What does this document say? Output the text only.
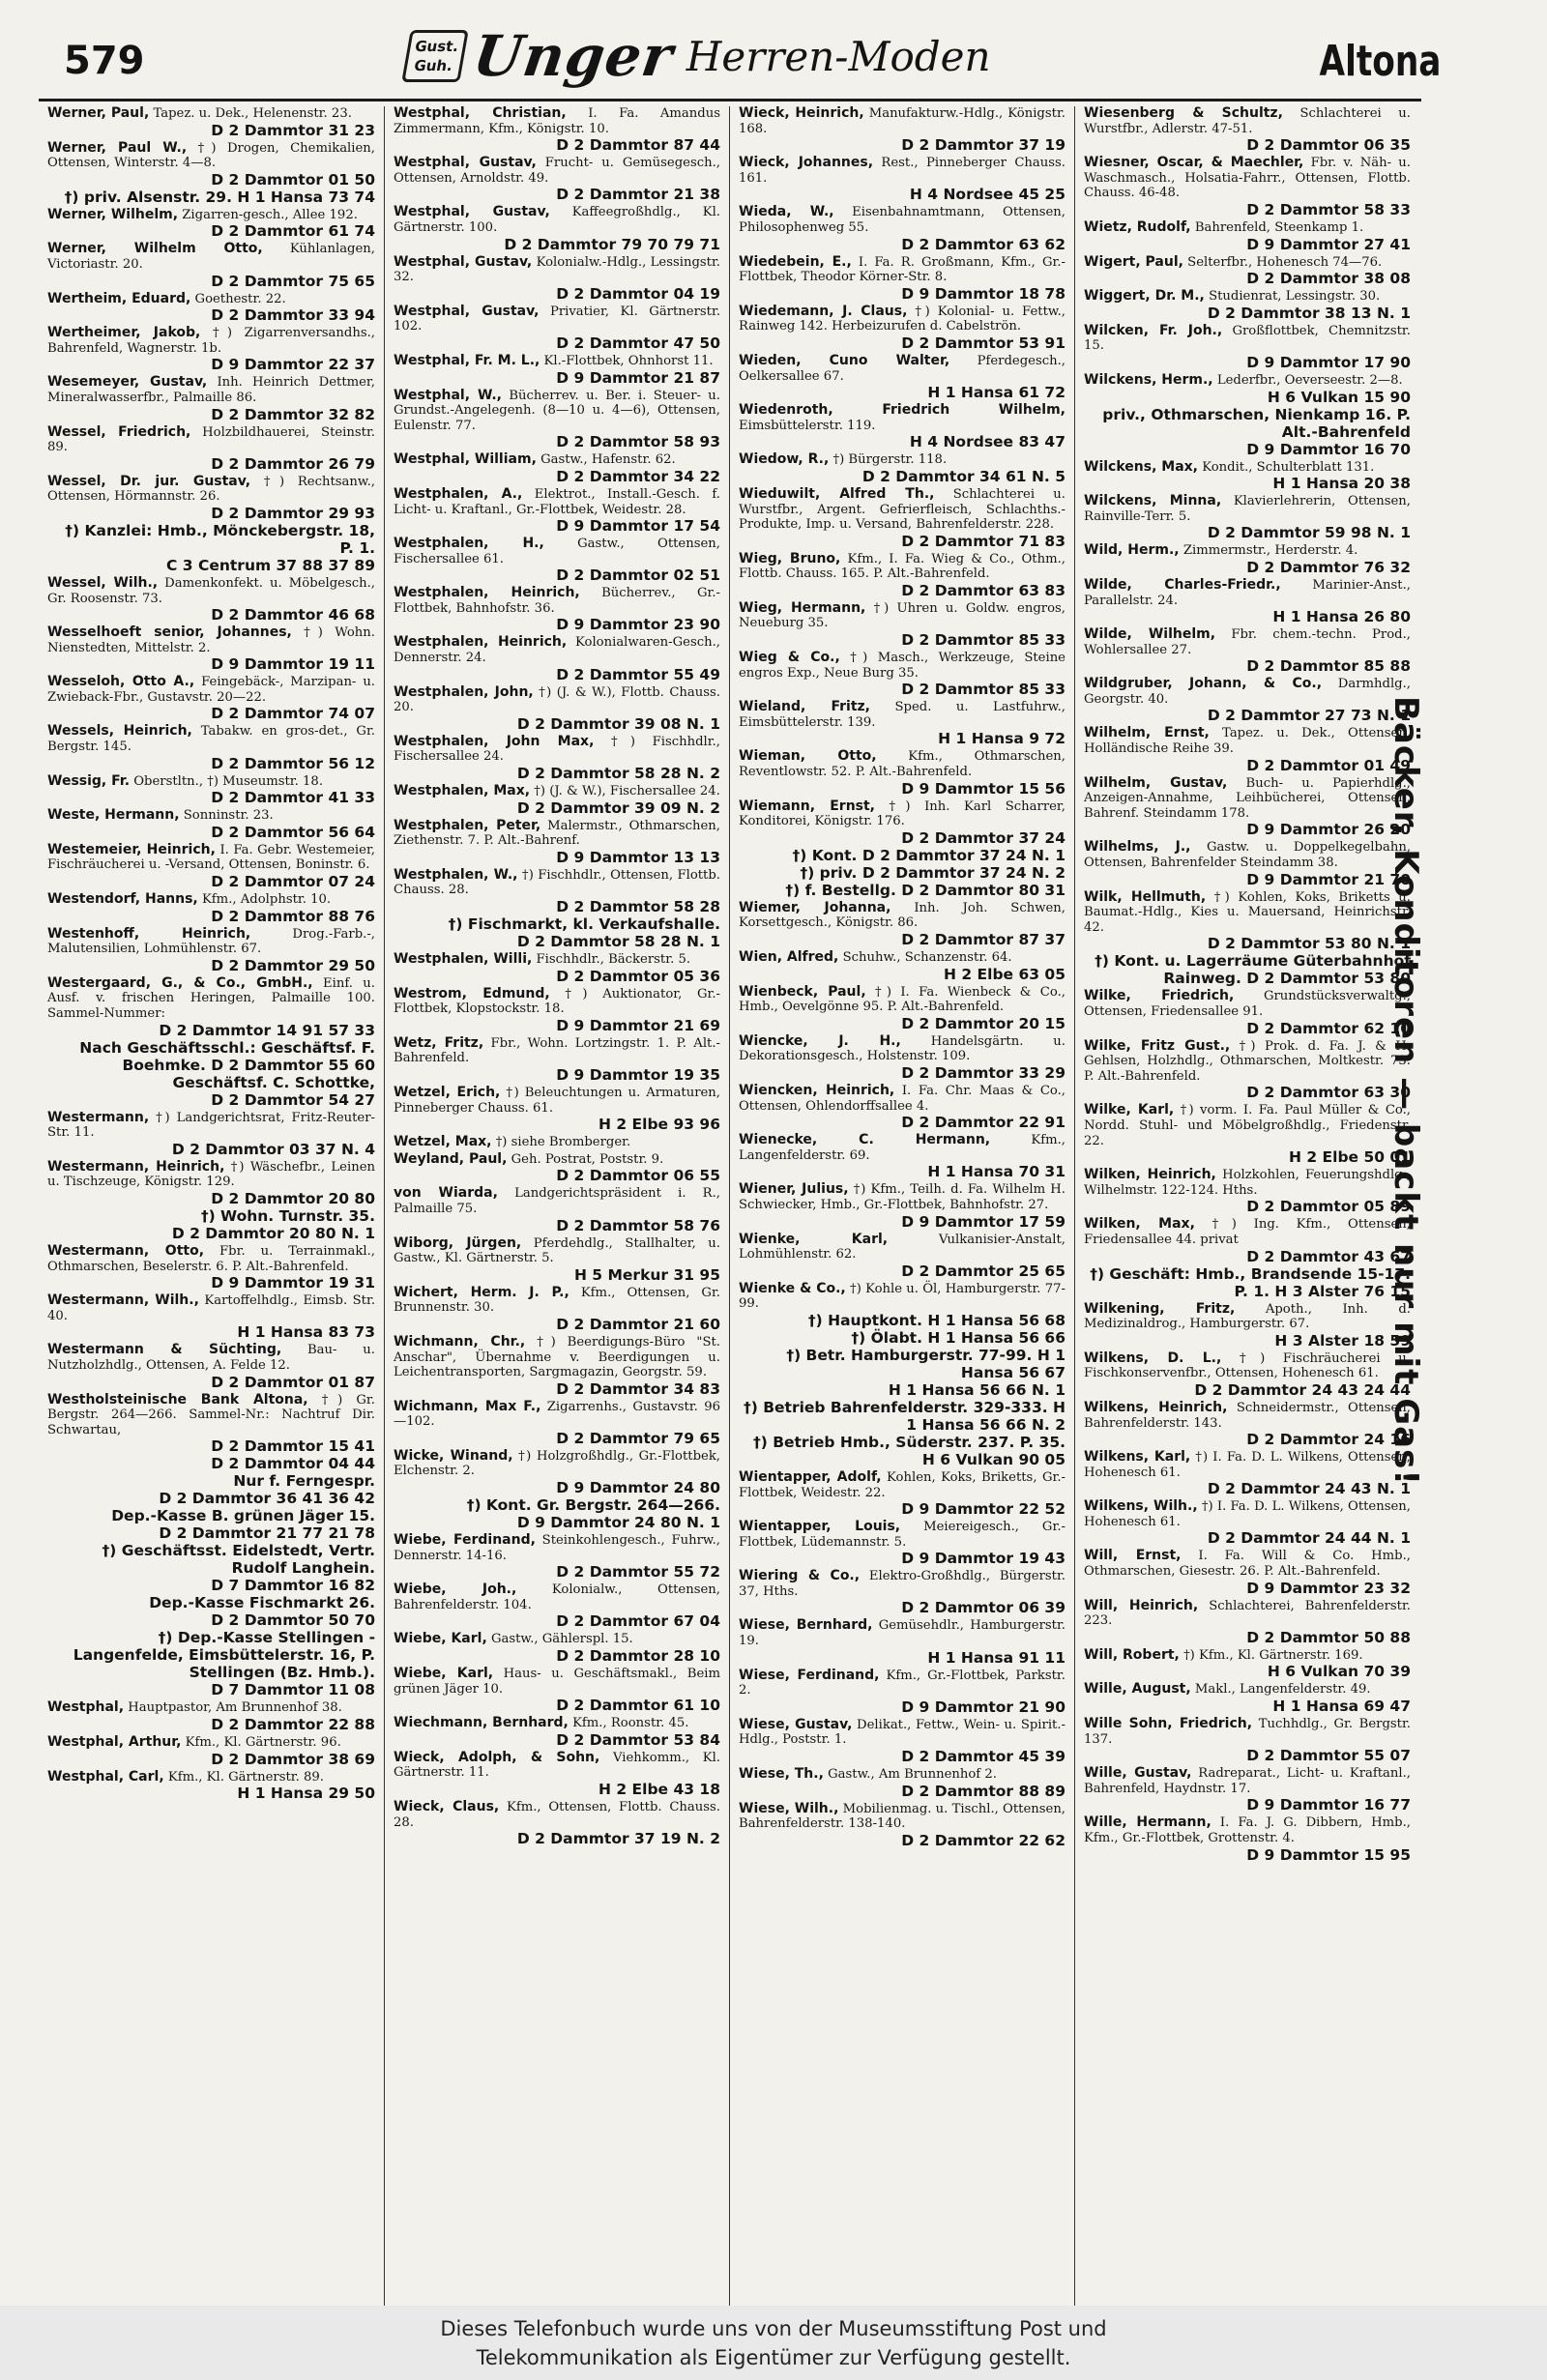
579	Gust.
Guh. Unger Herren-Moden	Altona

Werner, Paul, Tapez. u. Dek., Helenenstr. 23.

D 2 Dammtor 31 23

Werner, Paul W., †) Drogen, Chemikalien, Ottensen, Winterstr. 4—8.

D 2 Dammtor 01 50

†) priv. Alsenstr. 29. H 1 Hansa 73 74

Werner, Wilhelm, Zigarren-gesch., Allee 192.

D 2 Dammtor 61 74

Werner, Wilhelm Otto, Kühlanlagen, Victoriastr. 20.

D 2 Dammtor 75 65

Wertheim, Eduard, Goethestr. 22.

D 2 Dammtor 33 94

Wertheimer, Jakob, †) Zigarrenversandhs., Bahrenfeld, Wagnerstr. 1b.

D 9 Dammtor 22 37

Wesemeyer, Gustav, Inh. Heinrich Dettmer, Mineralwasserfbr., Palmaille 86.

D 2 Dammtor 32 82

Wessel, Friedrich, Holzbildhauerei, Steinstr. 89.

D 2 Dammtor 26 79

Wessel, Dr. jur. Gustav, †) Rechtsanw., Ottensen, Hörmannstr. 26.

D 2 Dammtor 29 93

†) Kanzlei: Hmb., Mönckebergstr. 18, P. 1.

C 3 Centrum 37 88 37 89

Wessel, Wilh., Damenkonfekt. u. Möbelgesch., Gr. Roosenstr. 73.

D 2 Dammtor 46 68

Wesselhoeft senior, Johannes, †) Wohn. Nienstedten, Mittelstr. 2.

D 9 Dammtor 19 11

Wesseloh, Otto A., Feingebäck-, Marzipan- u. Zwieback-Fbr., Gustavstr. 20—22.

D 2 Dammtor 74 07

Wessels, Heinrich, Tabakw. en gros-det., Gr. Bergstr. 145.

D 2 Dammtor 56 12

Wessig, Fr. Oberstltn., †) Museumstr. 18.

D 2 Dammtor 41 33

Weste, Hermann, Sonninstr. 23.

D 2 Dammtor 56 64

Westemeier, Heinrich, I. Fa. Gebr. Westemeier, Fischräucherei u. -Versand, Ottensen, Boninstr. 6.

D 2 Dammtor 07 24

Westendorf, Hanns, Kfm., Adolphstr. 10.

D 2 Dammtor 88 76

Westenhoff, Heinrich,	Drog.-Farb.-, Malutensilien, Lohmühlenstr. 67.

D 2 Dammtor 29 50

Westergaard, G., & Co., GmbH., Einf. u. Ausf. v. frischen Heringen, Palmaille 100. Sammel-Nummer:

D 2 Dammtor 14 91 57 33

Nach Geschäftsschl.: Geschäftsf. F. Boehmke. D 2 Dammtor 55 60

Geschäftsf. C. Schottke,

D 2 Dammtor 54 27

Westermann, †) Landgerichtsrat, Fritz-Reuter-Str. 11.

D 2 Dammtor 03 37 N. 4

Westermann, Heinrich, †) Wäschefbr., Leinen u. Tischzeuge, Königstr. 129.

D 2 Dammtor 20 80

†) Wohn. Turnstr. 35.

D 2 Dammtor 20 80 N. 1

Westermann, Otto, Fbr. u. Terrainmakl., Othmarschen, Beselerstr. 6. P. Alt.-Bahrenfeld.

D 9 Dammtor 19 31

Westermann, Wilh., Kartoffelhdlg., Eimsb. Str. 40.

H 1 Hansa 83 73

Westermann & Süchting, Bau- u. Nutzholzhdlg., Ottensen, A. Felde 12.

D 2 Dammtor 01 87

Westholsteinische Bank Altona, †) Gr. Bergstr. 264—266. Sammel-Nr.: Nachtruf Dir. Schwartau,

D 2 Dammtor 15 41

D 2 Dammtor 04 44

Nur f. Ferngespr.

D 2 Dammtor 36 41 36 42

Dep.-Kasse B. grünen Jäger 15.

D 2 Dammtor 21 77 21 78

†) Geschäftsst. Eidelstedt, Vertr. Rudolf Langhein.

D 7 Dammtor 16 82

Dep.-Kasse Fischmarkt 26.

D 2 Dammtor 50 70

†) Dep.-Kasse Stellingen - Langenfelde, Eimsbüttelerstr. 16, P. Stellingen (Bz. Hmb.).

D 7 Dammtor 11 08

Westphal, Hauptpastor, Am Brunnenhof 38.

D 2 Dammtor 22 88

Westphal, Arthur, Kfm., Kl. Gärtnerstr. 96.

D 2 Dammtor 38 69

Westphal, Carl, Kfm., Kl. Gärtnerstr. 89.

H 1 Hansa 29 50

Westphal, Christian, I. Fa. Amandus Zimmermann, Kfm., Königstr. 10.

D 2 Dammtor 87 44

Westphal, Gustav, Frucht- u. Gemüsegesch., Ottensen, Arnoldstr. 49.

D 2 Dammtor 21 38

Westphal, Gustav, Kaffeegroßhdlg., Kl. Gärtnerstr. 100.

D 2 Dammtor 79 70 79 71

Westphal, Gustav, Kolonialw.-Hdlg., Lessingstr. 32.

D 2 Dammtor 04 19

Westphal, Gustav, Privatier, Kl. Gärtnerstr. 102.

D 2 Dammtor 47 50

Westphal, Fr. M. L., Kl.-Flottbek, Ohnhorst 11.

D 9 Dammtor 21 87

Westphal, W., Bücherrev. u. Ber. i. Steuer- u. Grundst.-Angelegenh. (8—10 u. 4—6), Ottensen, Eulenstr. 77.

D 2 Dammtor 58 93

Westphal, William, Gastw., Hafenstr. 62.

D 2 Dammtor 34 22

Westphalen, A., Elektrot., Install.-Gesch. f. Licht- u. Kraftanl., Gr.-Flottbek, Weidestr. 28.

D 9 Dammtor 17 54

Westphalen, H.,	Gastw., Ottensen, Fischersallee 61.

D 2 Dammtor 02 51

Westphalen, Heinrich, Bücherrev., Gr.-Flottbek, Bahnhofstr. 36.

D 9 Dammtor 23 90

Westphalen, Heinrich, Kolonialwaren-Gesch., Dennerstr. 24.

D 2 Dammtor 55 49

Westphalen, John, †) (J. & W.), Flottb. Chauss. 20.

D 2 Dammtor 39 08 N. 1

Westphalen, John Max, †) Fischhdlr., Fischersallee 24.

D 2 Dammtor 58 28 N. 2

Westphalen, Max, †) (J. & W.), Fischersallee 24.

D 2 Dammtor 39 09 N. 2

Westphalen, Peter, Malermstr., Othmarschen, Ziethenstr. 7. P. Alt.-Bahrenf.

D 9 Dammtor 13 13

Westphalen, W., †) Fischhdlr., Ottensen, Flottb. Chauss. 28.

D 2 Dammtor 58 28

†) Fischmarkt, kl. Verkaufshalle.

D 2 Dammtor 58 28 N. 1

Westphalen, Willi, Fischhdlr., Bäckerstr. 5.

D 2 Dammtor 05 36

Westrom, Edmund, †) Auktionator, Gr.-Flottbek, Klopstockstr. 18.

D 9 Dammtor 21 69

Wetz, Fritz, Fbr., Wohn. Lortzingstr. 1. P. Alt.-Bahrenfeld.

D 9 Dammtor 19 35

Wetzel, Erich, †) Beleuchtungen u. Armaturen, Pinneberger Chauss. 61.

H 2 Elbe 93 96

Wetzel, Max, †) siehe Bromberger.

Weyland, Paul, Geh. Postrat, Poststr. 9.

D 2 Dammtor 06 55

von Wiarda, Landgerichtspräsident i. R., Palmaille 75.

D 2 Dammtor 58 76

Wiborg, Jürgen, Pferdehdlg., Stallhalter, u. Gastw., Kl. Gärtnerstr. 5.

H 5 Merkur 31 95

Wichert, Herm. J. P., Kfm., Ottensen, Gr. Brunnenstr. 30.

D 2 Dammtor 21 60

Wichmann, Chr., †) Beerdigungs-Büro "St. Anschar", Übernahme v. Beerdigungen u. Leichentransporten, Sargmagazin, Georgstr. 59.

D 2 Dammtor 34 83

Wichmann, Max F., Zigarrenhs., Gustavstr. 96—102.

D 2 Dammtor 79 65

Wicke, Winand, †) Holzgroßhdlg., Gr.-Flottbek, Elchenstr. 2.

D 9 Dammtor 24 80

†) Kont. Gr. Bergstr. 264—266.

D 9 Dammtor 24 80 N. 1

Wiebe, Ferdinand, Steinkohlengesch., Fuhrw., Dennerstr. 14-16.

D 2 Dammtor 55 72

Wiebe, Joh.,	Kolonialw., Ottensen, Bahrenfelderstr. 104.

D 2 Dammtor 67 04

Wiebe, Karl, Gastw., Gählerspl. 15.

D 2 Dammtor 28 10

Wiebe, Karl, Haus- u. Geschäftsmakl., Beim grünen Jäger 10.

D 2 Dammtor 61 10

Wiechmann, Bernhard, Kfm., Roonstr. 45.

D 2 Dammtor 53 84

Wieck, Adolph, & Sohn, Viehkomm., Kl. Gärtnerstr. 11.

H 2 Elbe 43 18

Wieck, Claus, Kfm., Ottensen, Flottb. Chauss. 28.

D 2 Dammtor 37 19 N. 2

Wieck, Heinrich, Manufakturw.-Hdlg., Königstr. 168.

D 2 Dammtor 37 19

Wieck, Johannes, Rest., Pinneberger Chauss. 161.

H 4 Nordsee 45 25

Wieda, W., Eisenbahnamtmann, Ottensen, Philosophenweg 55.

D 2 Dammtor 63 62

Wiedebein, E., I. Fa. R. Großmann, Kfm., Gr.-Flottbek, Theodor Körner-Str. 8.

D 9 Dammtor 18 78

Wiedemann, J. Claus, †) Kolonial- u. Fettw., Rainweg 142. Herbeizurufen d. Cabelströn.

D 2 Dammtor 53 91

Wieden, Cuno Walter, Pferdegesch., Oelkersallee 67.

H 1 Hansa 61 72

Wiedenroth, Friedrich Wilhelm, Eimsbüttelerstr. 119.

H 4 Nordsee 83 47

Wiedow, R., †) Bürgerstr. 118.

D 2 Dammtor 34 61 N. 5

Wieduwilt, Alfred Th., Schlachterei u. Wurstfbr., Argent. Gefrierfleisch, Schlachths.-Produkte, Imp. u. Versand, Bahrenfelderstr. 228.

D 2 Dammtor 71 83

Wieg, Bruno, Kfm., I. Fa. Wieg & Co., Othm., Flottb. Chauss. 165. P. Alt.-Bahrenfeld.

D 2 Dammtor 63 83

Wieg, Hermann, †) Uhren u. Goldw. engros, Neueburg 35.

D 2 Dammtor 85 33

Wieg & Co., †) Masch., Werkzeuge, Steine engros Exp., Neue Burg 35.

D 2 Dammtor 85 33

Wieland, Fritz, Sped. u. Lastfuhrw., Eimsbüttelerstr. 139.

H 1 Hansa 9 72

Wieman, Otto, Kfm., Othmarschen, Reventlowstr. 52. P. Alt.-Bahrenfeld.

D 9 Dammtor 15 56

Wiemann, Ernst, †) Inh. Karl Scharrer, Konditorei, Königstr. 176.

D 2 Dammtor 37 24

†) Kont. D 2 Dammtor 37 24 N. 1

†) priv. D 2 Dammtor 37 24 N. 2

†) f. Bestellg. D 2 Dammtor 80 31

Wiemer, Johanna, Inh. Joh. Schwen, Korsettgesch., Königstr. 86.

D 2 Dammtor 87 37

Wien, Alfred, Schuhw., Schanzenstr. 64.

H 2 Elbe 63 05

Wienbeck, Paul, †) I. Fa. Wienbeck & Co., Hmb., Oevelgönne 95. P. Alt.-Bahrenfeld.

D 2 Dammtor 20 15

Wiencke, J. H., Handelsgärtn. u. Dekorationsgesch., Holstenstr. 109.

D 2 Dammtor 33 29

Wiencken, Heinrich, I. Fa. Chr. Maas & Co., Ottensen, Ohlendorffsallee 4.

D 2 Dammtor 22 91

Wienecke, C. Hermann,	Kfm., Langenfelderstr. 69.

H 1 Hansa 70 31

Wiener, Julius, †) Kfm., Teilh. d. Fa. Wilhelm H. Schwiecker, Hmb., Gr.-Flottbek, Bahnhofstr. 27.

D 9 Dammtor 17 59

Wienke, Karl,	Vulkanisier-Anstalt, Lohmühlenstr. 62.

D 2 Dammtor 25 65

Wienke & Co., †) Kohle u. Öl, Hamburgerstr. 77-99.

†) Hauptkont. H 1 Hansa 56 68

†) Ölabt. H 1 Hansa 56 66

†) Betr. Hamburgerstr. 77-99. H 1 Hansa 56 67

H 1 Hansa 56 66 N. 1

†) Betrieb Bahrenfelderstr. 329-333. H 1 Hansa 56 66 N. 2

†) Betrieb Hmb., Süderstr. 237. P. 35. H 6 Vulkan 90 05

Wientapper, Adolf, Kohlen, Koks, Briketts, Gr.-Flottbek, Weidestr. 22.

D 9 Dammtor 22 52

Wientapper, Louis, Meiereigesch., Gr.-Flottbek, Lüdemannstr. 5.

D 9 Dammtor 19 43

Wiering & Co., Elektro-Großhdlg., Bürgerstr. 37, Hths.

D 2 Dammtor 06 39

Wiese, Bernhard, Gemüsehdlr., Hamburgerstr. 19.

H 1 Hansa 91 11

Wiese, Ferdinand, Kfm., Gr.-Flottbek, Parkstr. 2.

D 9 Dammtor 21 90

Wiese, Gustav, Delikat., Fettw., Wein- u. Spirit.-Hdlg., Poststr. 1.

D 2 Dammtor 45 39

Wiese, Th., Gastw., Am Brunnenhof 2.

D 2 Dammtor 88 89

Wiese, Wilh., Mobilienmag. u. Tischl., Ottensen, Bahrenfelderstr. 138-140.

D 2 Dammtor 22 62

Wiesenberg & Schultz, Schlachterei u. Wurstfbr., Adlerstr. 47-51.

D 2 Dammtor 06 35

Wiesner, Oscar, & Maechler, Fbr. v. Näh- u. Waschmasch., Holsatia-Fahrr., Ottensen, Flottb. Chauss. 46-48.

D 2 Dammtor 58 33

Wietz, Rudolf, Bahrenfeld, Steenkamp 1.

D 9 Dammtor 27 41

Wigert, Paul, Selterfbr., Hohenesch 74—76.

D 2 Dammtor 38 08

Wiggert, Dr. M., Studienrat, Lessingstr. 30.

D 2 Dammtor 38 13 N. 1

Wilcken, Fr. Joh., Großflottbek, Chemnitzstr. 15.

D 9 Dammtor 17 90

Wilckens, Herm., Lederfbr., Oeverseestr. 2—8.

H 6 Vulkan 15 90

priv., Othmarschen, Nienkamp 16. P. Alt.-Bahrenfeld

D 9 Dammtor 16 70

Wilckens, Max, Kondit., Schulterblatt 131.

H 1 Hansa 20 38

Wilckens, Minna, Klavierlehrerin, Ottensen, Rainville-Terr. 5.

D 2 Dammtor 59 98 N. 1

Wild, Herm., Zimmermstr., Herderstr. 4.

D 2 Dammtor 76 32

Wilde, Charles-Friedr., Marinier-Anst., Parallelstr. 24.

H 1 Hansa 26 80

Wilde, Wilhelm, Fbr. chem.-techn. Prod., Wohlersallee 27.

D 2 Dammtor 85 88

Wildgruber, Johann, & Co., Darmhdlg., Georgstr. 40.

D 2 Dammtor 27 73 N. 1

Wilhelm, Ernst, Tapez. u. Dek., Ottensen, Holländische Reihe 39.

D 2 Dammtor 01 49

Wilhelm, Gustav, Buch- u. Papierhdlg., Anzeigen-Annahme, Leihbücherei, Ottensen, Bahrenf. Steindamm 178.

D 9 Dammtor 26 20

Wilhelms, J., Gastw. u. Doppelkegelbahn, Ottensen, Bahrenfelder Steindamm 38.

D 9 Dammtor 21 70

Wilk, Hellmuth, †) Kohlen, Koks, Briketts u. Baumat.-Hdlg., Kies u. Mauersand, Heinrichstr. 42.

D 2 Dammtor 53 80 N. 1

†) Kont. u. Lagerräume Güterbahnhof Rainweg. D 2 Dammtor 53 80

Wilke, Friedrich, Grundstücksverwaltg., Ottensen, Friedensallee 91.

D 2 Dammtor 62 10

Wilke, Fritz Gust., †) Prok. d. Fa. J. & H. Gehlsen, Holzhdlg., Othmarschen, Moltkestr. 73. P. Alt.-Bahrenfeld.

D 2 Dammtor 63 30

Wilke, Karl, †) vorm. I. Fa. Paul Müller & Co., Nordd. Stuhl- und Möbelgroßhdlg., Friedenstr. 22.

H 2 Elbe 50 01

Wilken, Heinrich, Holzkohlen, Feuerungshdlg., Wilhelmstr. 122-124. Hths.

D 2 Dammtor 05 89

Wilken, Max, †) Ing. Kfm., Ottensen, Friedensallee 44. privat

D 2 Dammtor 43 67

†) Geschäft: Hmb., Brandsende 15-17. P. 1. H 3 Alster 76 15

Wilkening, Fritz, Apoth., Inh. d. Medizinaldrog., Hamburgerstr. 67.

H 3 Alster 18 59

Wilkens, D. L., †) Fischräucherei u. Fischkonservenfbr., Ottensen, Hohenesch 61.

D 2 Dammtor 24 43 24 44

Wilkens, Heinrich, Schneidermstr., Ottensen, Bahrenfelderstr. 143.

D 2 Dammtor 24 16

Wilkens, Karl, †) I. Fa. D. L. Wilkens, Ottensen, Hohenesch 61.

D 2 Dammtor 24 43 N. 1

Wilkens, Wilh., †) I. Fa. D. L. Wilkens, Ottensen, Hohenesch 61.

D 2 Dammtor 24 44 N. 1

Will, Ernst, I. Fa. Will & Co. Hmb., Othmarschen, Giesestr. 26. P. Alt.-Bahrenfeld.

D 9 Dammtor 23 32

Will, Heinrich, Schlachterei, Bahrenfelderstr. 223.

D 2 Dammtor 50 88

Will, Robert, †) Kfm., Kl. Gärtnerstr. 169.

H 6 Vulkan 70 39

Wille, August, Makl., Langenfelderstr. 49.

H 1 Hansa 69 47

Wille Sohn, Friedrich, Tuchhdlg., Gr. Bergstr. 137.

D 2 Dammtor 55 07

Wille, Gustav, Radreparat., Licht- u. Kraftanl., Bahrenfeld, Haydnstr. 17.

D 9 Dammtor 16 77

Wille, Hermann, I. Fa. J. G. Dibbern, Hmb., Kfm., Gr.-Flottbek, Grottenstr. 4.

D 9 Dammtor 15 95

Bäcker, Konditoren — backt nur mit Gas!

Dieses Telefonbuch wurde uns von der Museumsstiftung Post und

Telekommunikation als Eigentümer zur Verfügung gestellt.
